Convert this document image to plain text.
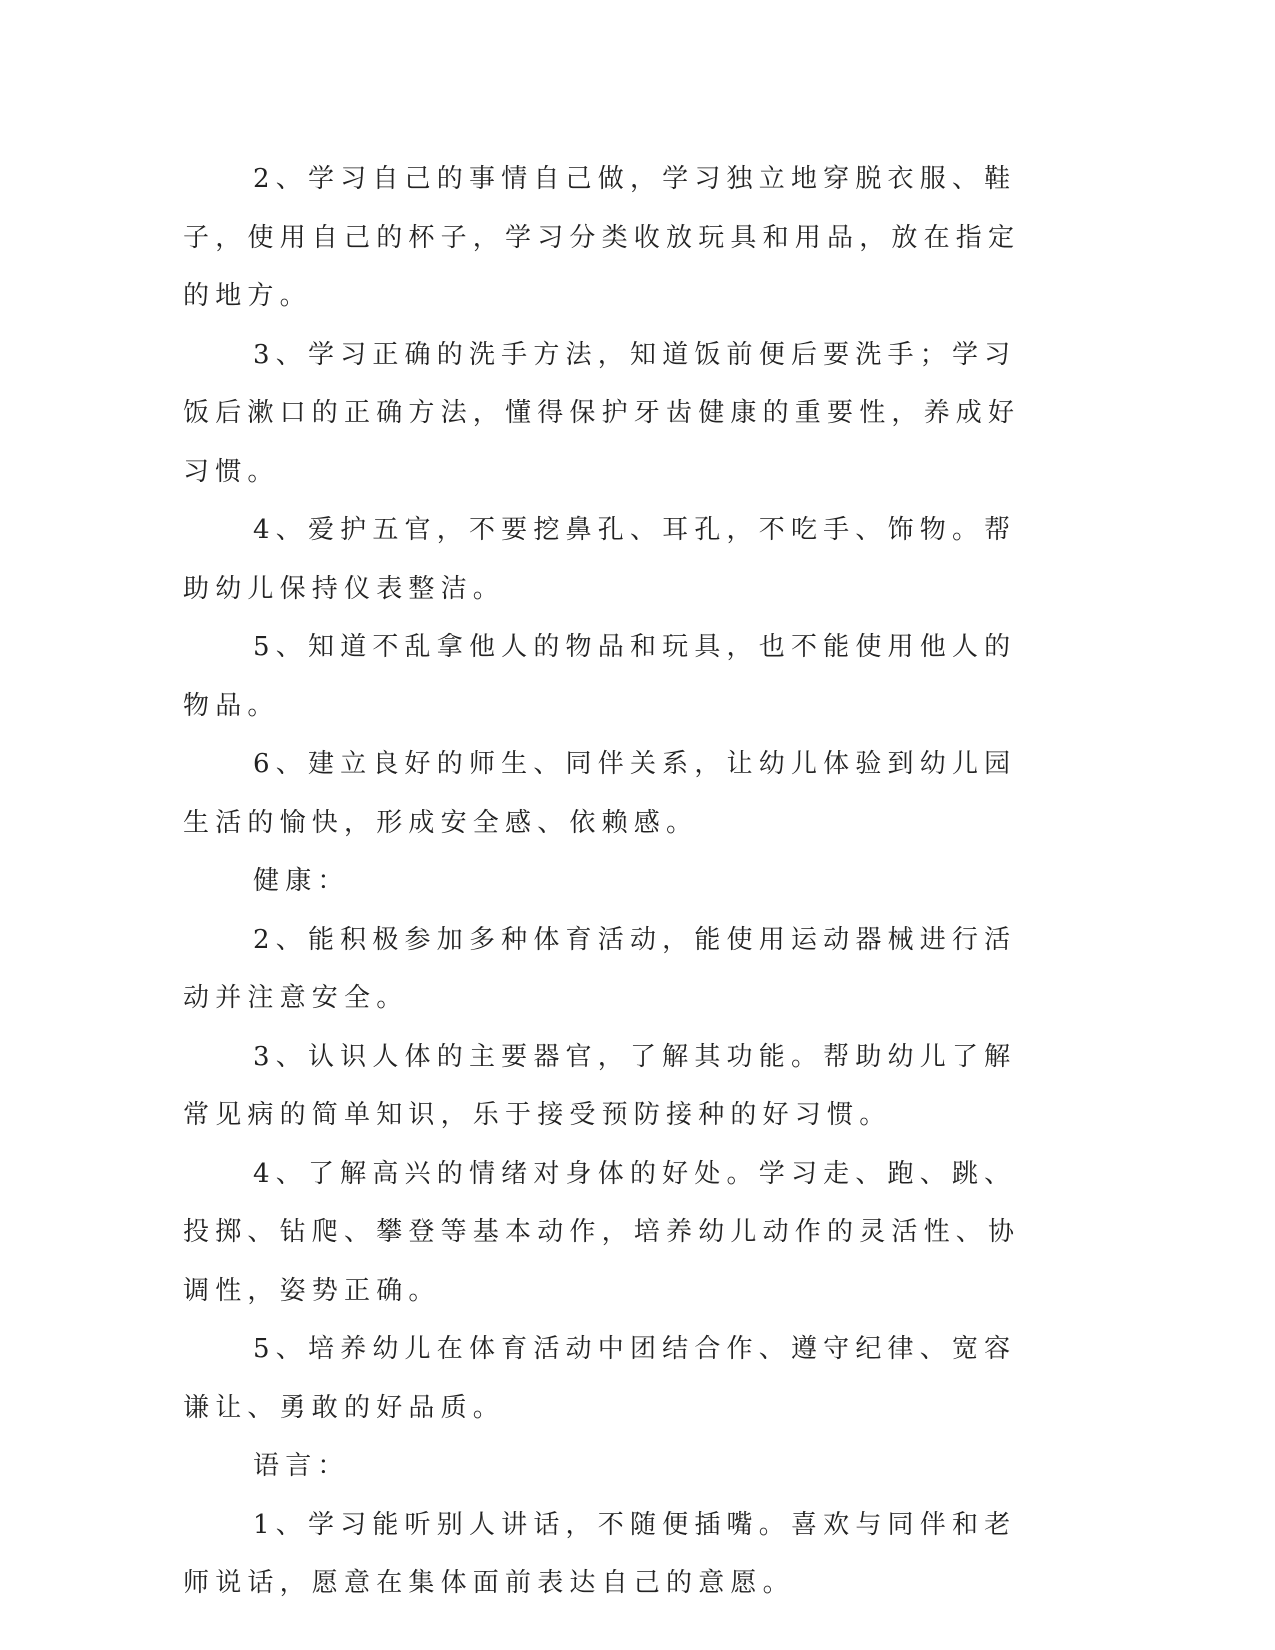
2、学习自己的事情自己做，学习独立地穿脱衣服、鞋子，使用自己的杯子，学习分类收放玩具和用品，放在指定的地方。

3、学习正确的洗手方法，知道饭前便后要洗手；学习饭后漱口的正确方法，懂得保护牙齿健康的重要性，养成好习惯。

4、爱护五官，不要挖鼻孔、耳孔，不吃手、饰物。帮助幼儿保持仪表整洁。

5、知道不乱拿他人的物品和玩具，也不能使用他人的物品。

6、建立良好的师生、同伴关系，让幼儿体验到幼儿园生活的愉快，形成安全感、依赖感。

健康：

2、能积极参加多种体育活动，能使用运动器械进行活动并注意安全。

3、认识人体的主要器官，了解其功能。帮助幼儿了解常见病的简单知识，乐于接受预防接种的好习惯。

4、了解高兴的情绪对身体的好处。学习走、跑、跳、投掷、钻爬、攀登等基本动作，培养幼儿动作的灵活性、协调性，姿势正确。

5、培养幼儿在体育活动中团结合作、遵守纪律、宽容谦让、勇敢的好品质。

语言：

1、学习能听别人讲话，不随便插嘴。喜欢与同伴和老师说话，愿意在集体面前表达自己的意愿。
